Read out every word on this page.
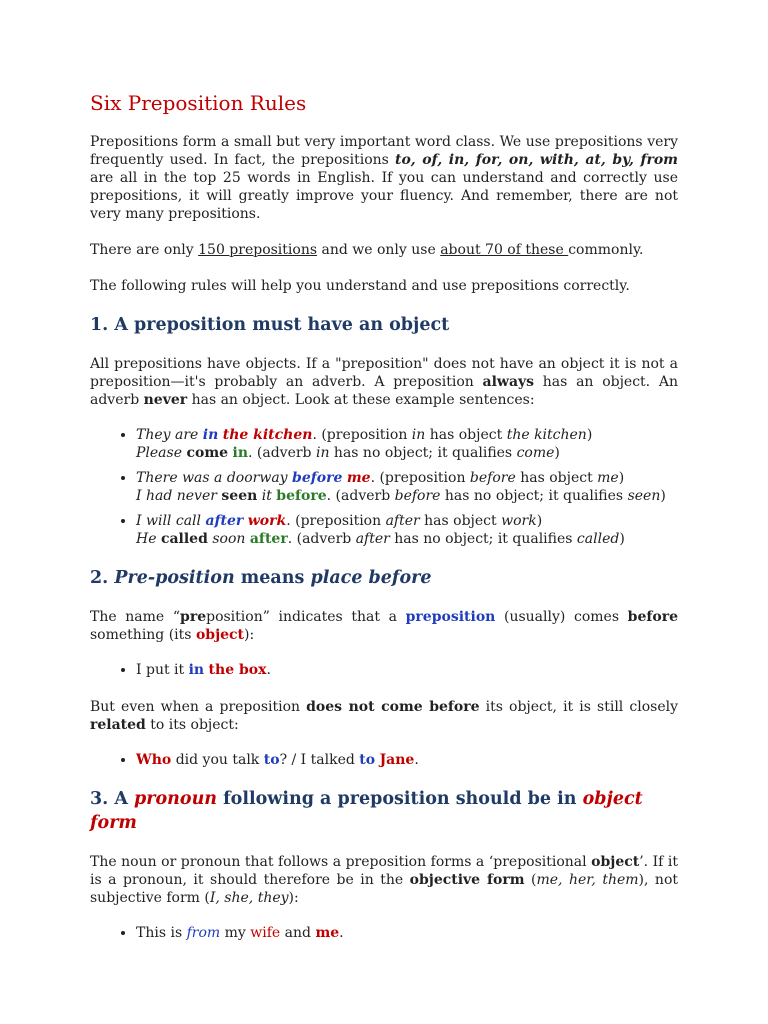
Six Preposition Rules

Prepositions form a small but very important word class. We use prepositions very frequently used. In fact, the prepositions to, of, in, for, on, with, at, by, from are all in the top 25 words in English. If you can understand and correctly use prepositions, it will greatly improve your fluency. And remember, there are not very many prepositions.

There are only 150 prepositions and we only use about 70 of these commonly.

The following rules will help you understand and use prepositions correctly.

1. A preposition must have an object

All prepositions have objects. If a "preposition" does not have an object it is not a preposition—it's probably an adverb. A preposition always has an object. An adverb never has an object. Look at these example sentences:

• They are in the kitchen. (preposition in has object the kitchen)
Please come in. (adverb in has no object; it qualifies come)
• There was a doorway before me. (preposition before has object me)
I had never seen it before. (adverb before has no object; it qualifies seen)
• I will call after work. (preposition after has object work)
He called soon after. (adverb after has no object; it qualifies called)
2. Pre-position means place before

The name “preposition” indicates that a preposition (usually) comes before something (its object):

• I put it in the box.

But even when a preposition does not come before its object, it is still closely related to its object:

• Who did you talk to? / I talked to Jane.
3. A pronoun following a preposition should be in object form

The noun or pronoun that follows a preposition forms a ‘prepositional object’. If it is a pronoun, it should therefore be in the objective form (me, her, them), not subjective form (I, she, they):

• This is from my wife and me.
